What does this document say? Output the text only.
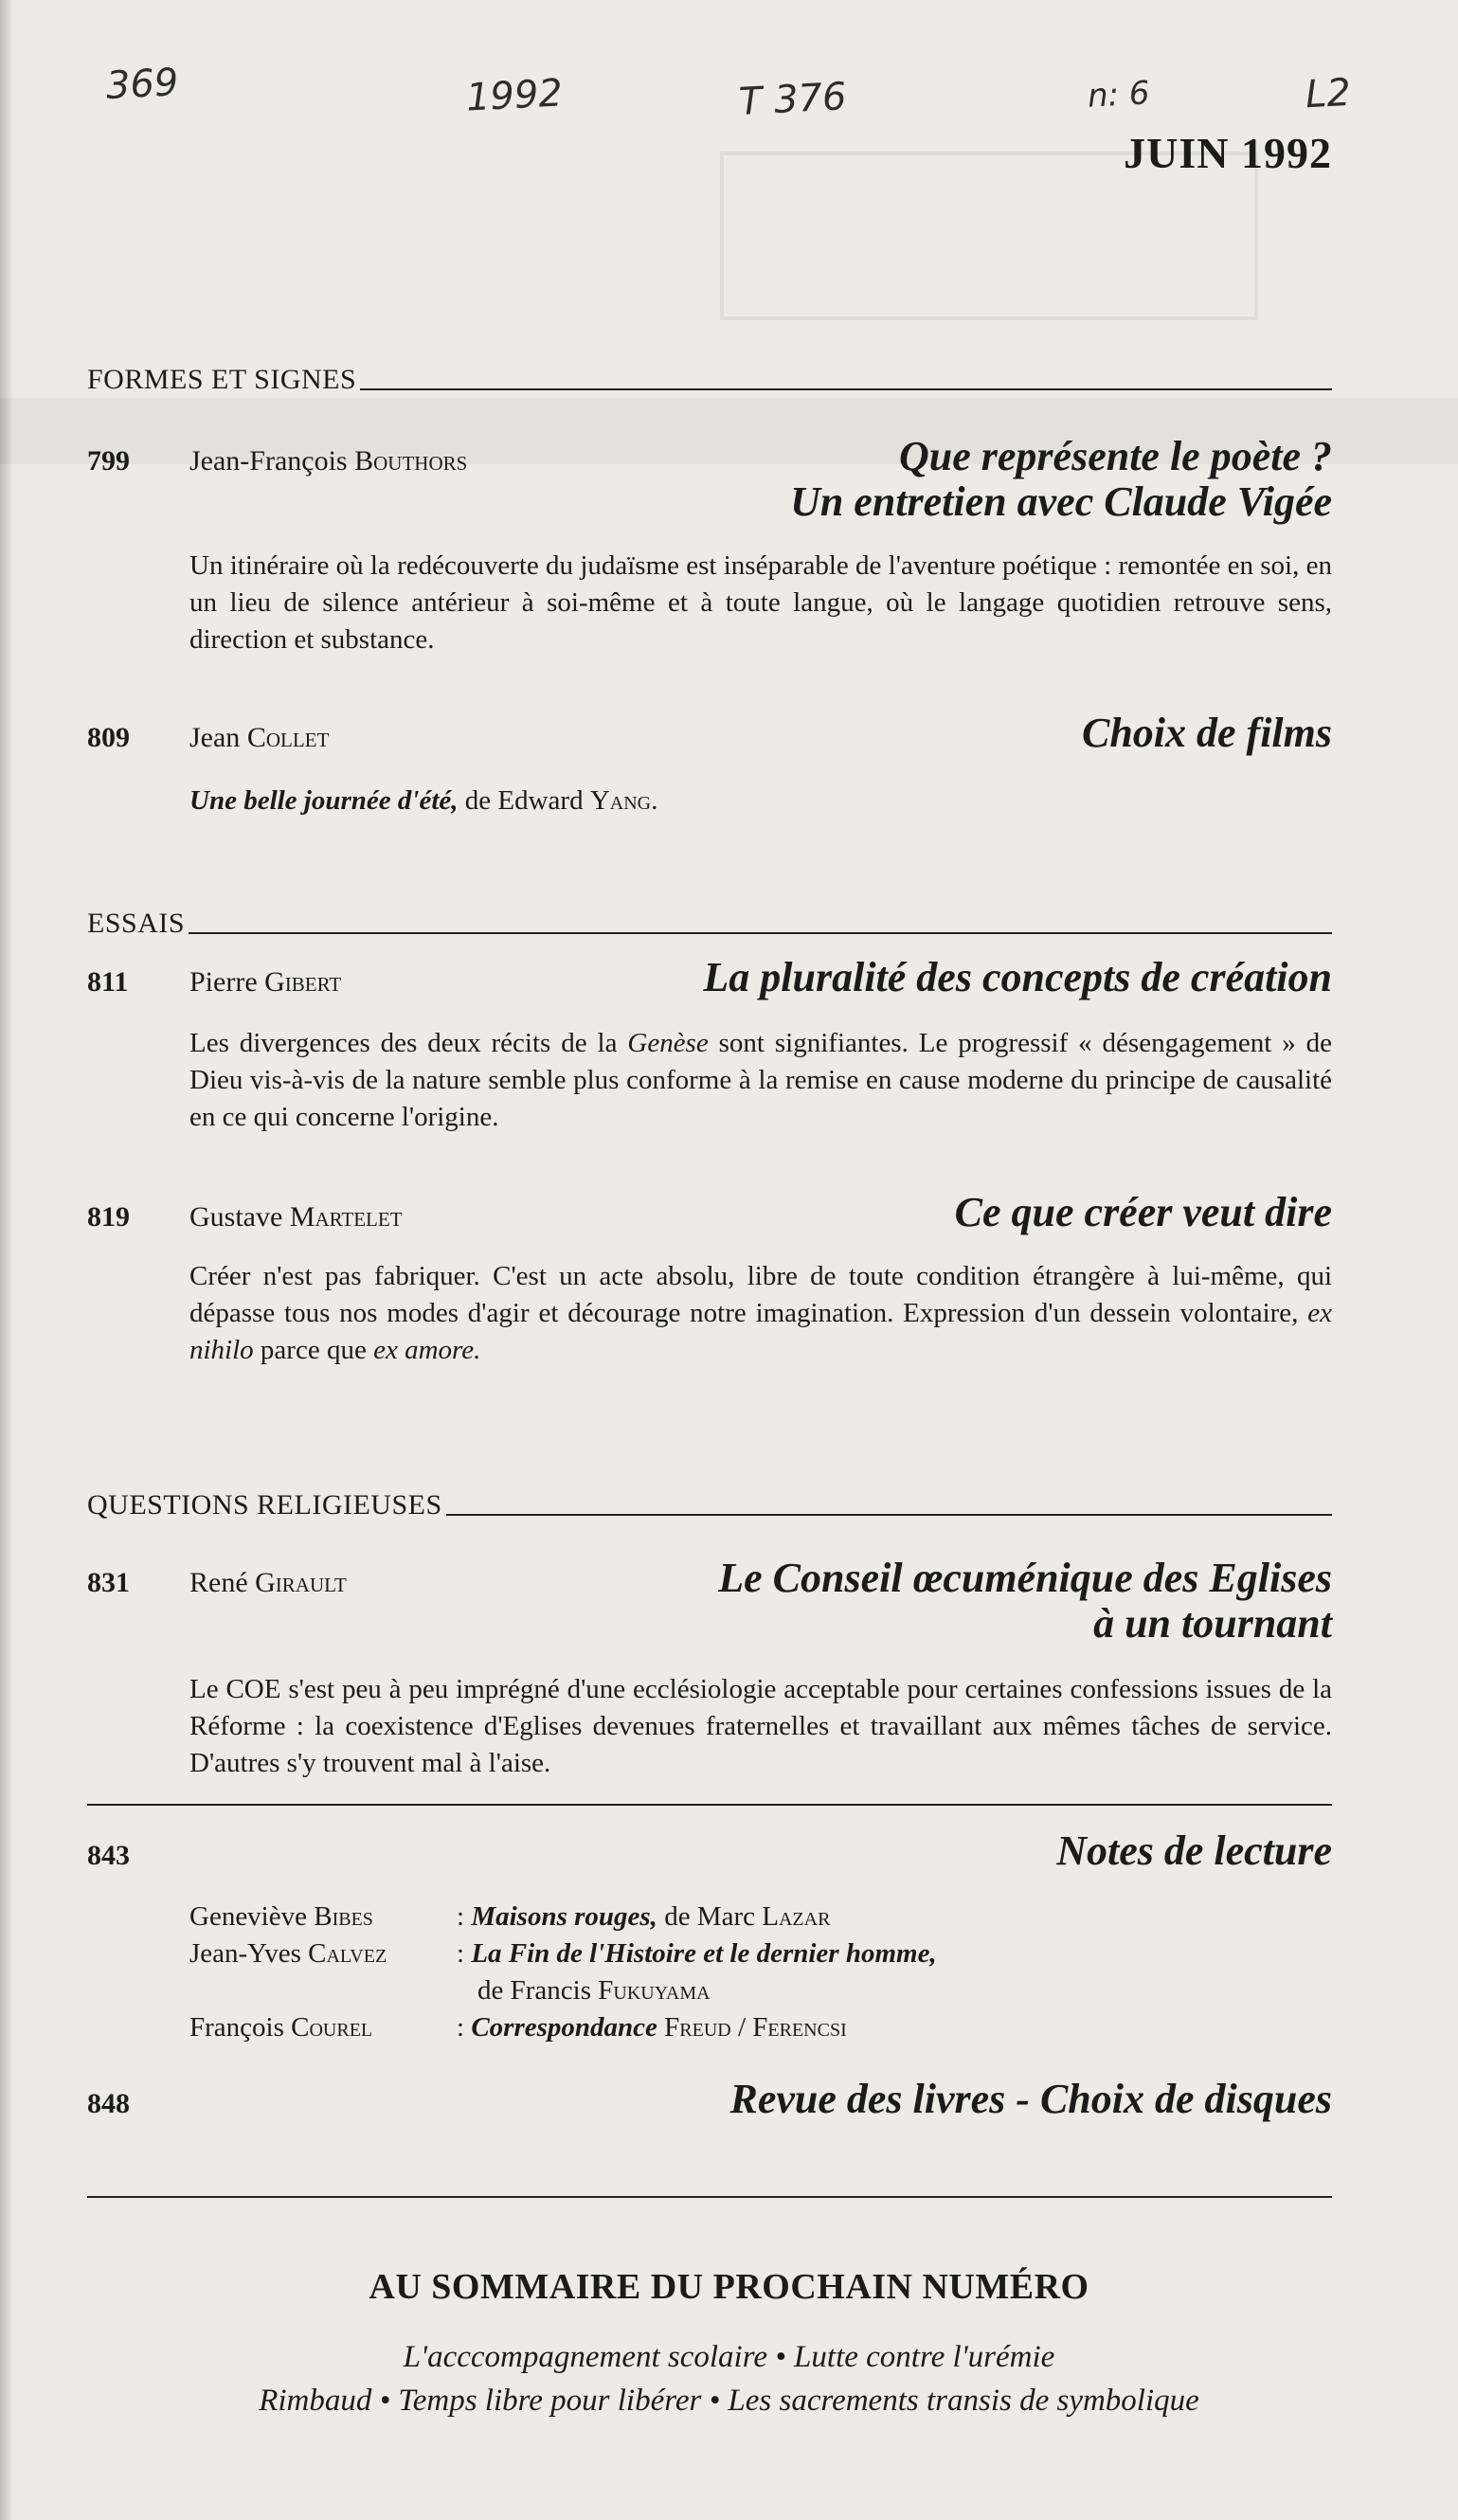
369	1992	T 376	n: 6	L2
JUIN 1992
FORMES ET SIGNES
799 Jean-François Bouthors	Que représente le poète ?
Un entretien avec Claude Vigée
Un itinéraire où la redécouverte du judaïsme est inséparable de l'aventure poétique : remontée en soi, en un lieu de silence antérieur à soi-même et à toute langue, où le langage quotidien retrouve sens, direction et substance.
809 Jean Collet	Choix de films
Une belle journée d'été, de Edward Yang.
ESSAIS
811 Pierre Gibert	La pluralité des concepts de création
Les divergences des deux récits de la Genèse sont signifiantes. Le progressif « désengagement » de Dieu vis-à-vis de la nature semble plus conforme à la remise en cause moderne du principe de causalité en ce qui concerne l'origine.
819 Gustave Martelet	Ce que créer veut dire
Créer n'est pas fabriquer. C'est un acte absolu, libre de toute condition étrangère à lui-même, qui dépasse tous nos modes d'agir et décourage notre imagination. Expression d'un dessein volontaire, ex nihilo parce que ex amore.
QUESTIONS RELIGIEUSES
831 René Girault	Le Conseil œcuménique des Eglises
à un tournant
Le COE s'est peu à peu imprégné d'une ecclésiologie acceptable pour certaines confessions issues de la Réforme : la coexistence d'Eglises devenues fraternelles et travaillant aux mêmes tâches de service. D'autres s'y trouvent mal à l'aise.
843	Notes de lecture
Geneviève Bibes	: Maisons rouges, de Marc Lazar
Jean-Yves Calvez	: La Fin de l'Histoire et le dernier homme,
de Francis
Fukuyama
François Courel	: Correspondance Freud / Ferencsi
848	Revue des livres - Choix de disques
AU SOMMAIRE DU PROCHAIN NUMÉRO
L'acccompagnement scolaire • Lutte contre l'urémie
Rimbaud • Temps libre pour libérer • Les sacrements transis de symbolique
